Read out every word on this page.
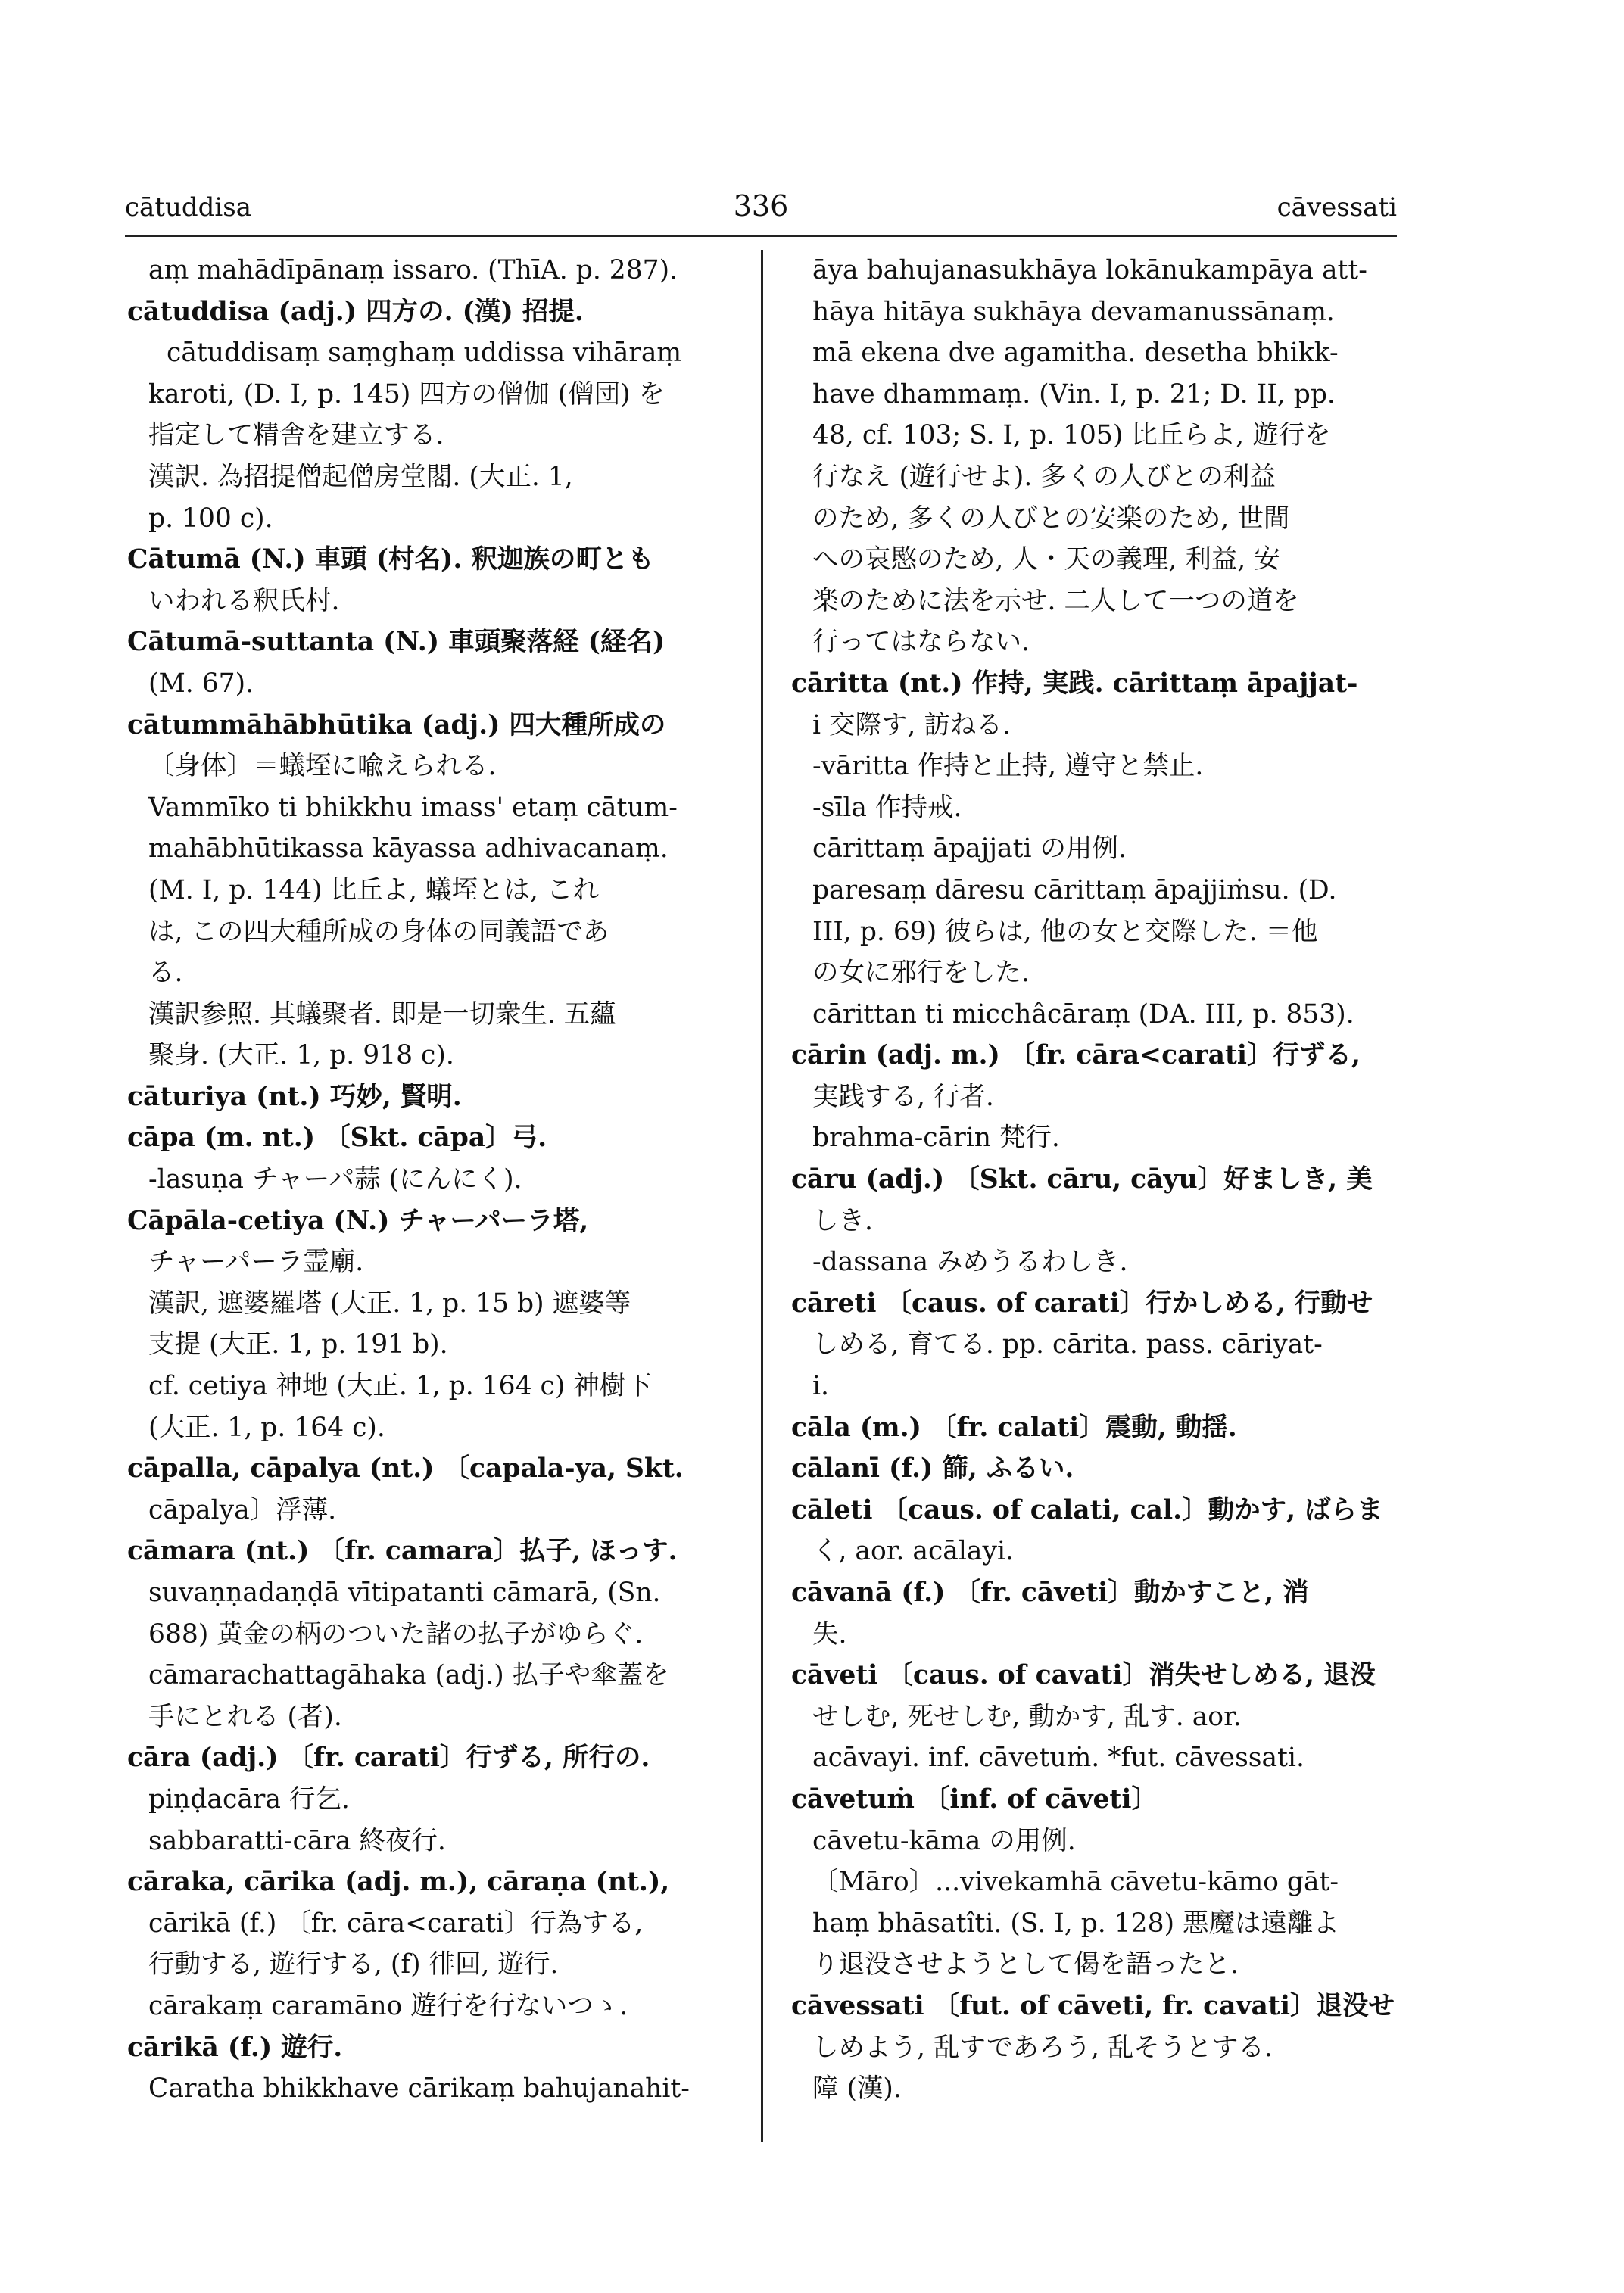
cātuddisa	336	cāvessati
aṃ mahādīpānaṃ issaro. (ThīA. p. 287).
cātuddisa (adj.) 四方の. (漢) 招提.
cātuddisaṃ saṃghaṃ uddissa vihāraṃ
karoti, (D. I, p. 145) 四方の僧伽 (僧団) を
指定して精舎を建立する.
漢訳. 為招提僧起僧房堂閣. (大正. 1,
p. 100 c).
Cātumā (N.) 車頭 (村名). 釈迦族の町とも
いわれる釈氏村.
Cātumā-suttanta (N.) 車頭聚落経 (経名)
(M. 67).
cātummāhābhūtika (adj.) 四大種所成の
〔身体〕＝蟻垤に喩えられる.
Vammīko ti bhikkhu imass' etaṃ cātum-
mahābhūtikassa kāyassa adhivacanaṃ.
(M. I, p. 144) 比丘よ, 蟻垤とは, これ
は, この四大種所成の身体の同義語であ
る.
漢訳参照. 其蟻聚者. 即是一切衆生. 五蘊
聚身. (大正. 1, p. 918 c).
cāturiya (nt.) 巧妙, 賢明.
cāpa (m. nt.) 〔Skt. cāpa〕弓.
-lasuṇa チャーパ蒜 (にんにく).
Cāpāla-cetiya (N.) チャーパーラ塔,
チャーパーラ霊廟.
漢訳, 遮婆羅塔 (大正. 1, p. 15 b) 遮婆等
支提 (大正. 1, p. 191 b).
cf. cetiya 神地 (大正. 1, p. 164 c) 神樹下
(大正. 1, p. 164 c).
cāpalla, cāpalya (nt.) 〔capala-ya, Skt.
cāpalya〕浮薄.
cāmara (nt.) 〔fr. camara〕払子, ほっす.
suvaṇṇadaṇḍā vītipatanti cāmarā, (Sn.
688) 黄金の柄のついた諸の払子がゆらぐ.
cāmarachattagāhaka (adj.) 払子や傘蓋を
手にとれる (者).
cāra (adj.) 〔fr. carati〕行ずる, 所行の.
piṇḍacāra 行乞.
sabbaratti-cāra 終夜行.
cāraka, cārika (adj. m.), cāraṇa (nt.),
cārikā (f.) 〔fr. cāra<carati〕行為する,
行動する, 遊行する, (f) 徘回, 遊行.
cārakaṃ caramāno 遊行を行ないつゝ.
cārikā (f.) 遊行.
Caratha bhikkhave cārikaṃ bahujanahit-
āya bahujanasukhāya lokānukampāya att-
hāya hitāya sukhāya devamanussānaṃ.
mā ekena dve agamitha. desetha bhikk-
have dhammaṃ. (Vin. I, p. 21; D. II, pp.
48, cf. 103; S. I, p. 105) 比丘らよ, 遊行を
行なえ (遊行せよ). 多くの人びとの利益
のため, 多くの人びとの安楽のため, 世間
への哀愍のため, 人・天の義理, 利益, 安
楽のために法を示せ. 二人して一つの道を
行ってはならない.
cāritta (nt.) 作持, 実践. cārittaṃ āpajjat-
i 交際す, 訪ねる.
-vāritta 作持と止持, 遵守と禁止.
-sīla 作持戒.
cārittaṃ āpajjati の用例.
paresaṃ dāresu cārittaṃ āpajjiṁsu. (D.
III, p. 69) 彼らは, 他の女と交際した. ＝他
の女に邪行をした.
cārittan ti micchâcāraṃ (DA. III, p. 853).
cārin (adj. m.) 〔fr. cāra<carati〕行ずる,
実践する, 行者.
brahma-cārin 梵行.
cāru (adj.) 〔Skt. cāru, cāyu〕好ましき, 美
しき.
-dassana みめうるわしき.
cāreti 〔caus. of carati〕行かしめる, 行動せ
しめる, 育てる. pp. cārita. pass. cāriyat-
i.
cāla (m.) 〔fr. calati〕震動, 動揺.
cālanī (f.) 篩, ふるい.
cāleti 〔caus. of calati, cal.〕動かす, ばらま
く, aor. acālayi.
cāvanā (f.) 〔fr. cāveti〕動かすこと, 消
失.
cāveti 〔caus. of cavati〕消失せしめる, 退没
せしむ, 死せしむ, 動かす, 乱す. aor.
acāvayi. inf. cāvetuṁ. *fut. cāvessati.
cāvetuṁ 〔inf. of cāveti〕
cāvetu-kāma の用例.
〔Māro〕...vivekamhā cāvetu-kāmo gāt-
haṃ bhāsatîti. (S. I, p. 128) 悪魔は遠離よ
り退没させようとして偈を語ったと.
cāvessati 〔fut. of cāveti, fr. cavati〕退没せ
しめよう, 乱すであろう, 乱そうとする.
障 (漢).
